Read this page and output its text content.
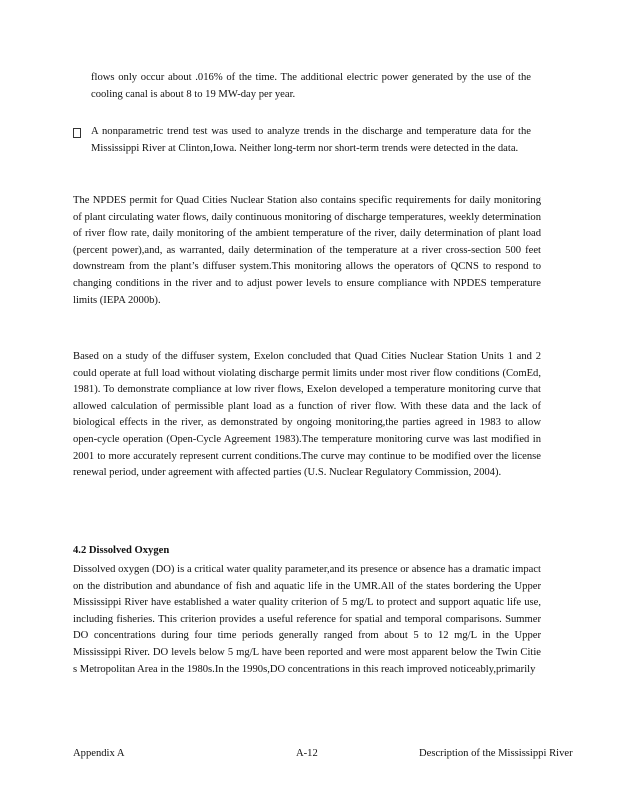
flows only occur about .016% of the time. The additional electric power generated by the use of the cooling canal is about 8 to 19 MW-day per year.

A nonparametric trend test was used to analyze trends in the discharge and temperature data for the Mississippi River at Clinton,Iowa. Neither long-term nor short-term trends were detected in the data.

The NPDES permit for Quad Cities Nuclear Station also contains specific requirements for daily monitoring of plant circulating water flows, daily continuous monitoring of discharge temperatures, weekly determination of river flow rate, daily monitoring of the ambient temperature of the river, daily determination of plant load (percent power),and, as warranted, daily determination of the temperature at a river cross-section 500 feet downstream from the plant’s diffuser system.This monitoring allows the operators of QCNS to respond to changing conditions in the river and to adjust power levels to ensure compliance with NPDES temperature limits (IEPA 2000b).

Based on a study of the diffuser system, Exelon concluded that Quad Cities Nuclear Station Units 1 and 2 could operate at full load without violating discharge permit limits under most river flow conditions (ComEd, 1981). To demonstrate compliance at low river flows, Exelon developed a temperature monitoring curve that allowed calculation of permissible plant load as a function of river flow. With these data and the lack of biological effects in the river, as demonstrated by ongoing monitoring,the parties agreed in 1983 to allow open-cycle operation (Open-Cycle Agreement 1983).The temperature monitoring curve was last modified in 2001 to more accurately represent current conditions.The curve may continue to be modified over the license renewal period, under agreement with affected parties (U.S. Nuclear Regulatory Commission, 2004).

4.2 Dissolved Oxygen

Dissolved oxygen (DO) is a critical water quality parameter,and its presence or absence has a dramatic impact on the distribution and abundance of fish and aquatic life in the UMR.All of the states bordering the Upper Mississippi River have established a water quality criterion of 5 mg/L to protect and support aquatic life use, including fisheries. This criterion provides a useful reference for spatial and temporal comparisons. Summer DO concentrations during four time periods generally ranged from about 5 to 12 mg/L in the Upper Mississippi River. DO levels below 5 mg/L have been reported and were most apparent below the Twin Citie s Metropolitan Area in the 1980s.In the 1990s,DO concentrations in this reach improved noticeably,primarily

Appendix A	A-12	Description of the Mississippi River
